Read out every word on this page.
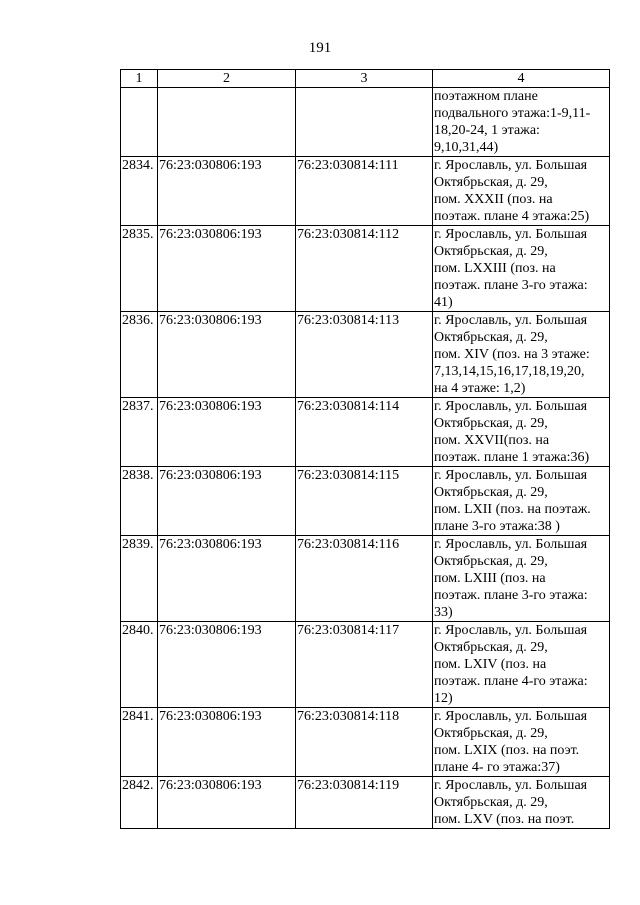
191
1	2	3	4

			поэтажном плане
подвального этажа:1-9,11-
18,20-24, 1 этажа:
9,10,31,44)

2834.	76:23:030806:193	76:23:030814:111	г. Ярославль, ул. Большая
Октябрьская, д. 29,
пом. XXXII (поз. на
поэтаж. плане 4 этажа:25)

2835.	76:23:030806:193	76:23:030814:112	г. Ярославль, ул. Большая
Октябрьская, д. 29,
пом. LXXIII (поз. на
поэтаж. плане 3-го этажа:
41)

2836.	76:23:030806:193	76:23:030814:113	г. Ярославль, ул. Большая
Октябрьская, д. 29,
пом. XIV (поз. на 3 этаже:
7,13,14,15,16,17,18,19,20,
на 4 этаже: 1,2)

2837.	76:23:030806:193	76:23:030814:114	г. Ярославль, ул. Большая
Октябрьская, д. 29,
пом. XXVII(поз. на
поэтаж. плане 1 этажа:36)

2838.	76:23:030806:193	76:23:030814:115	г. Ярославль, ул. Большая
Октябрьская, д. 29,
пом. LXII (поз. на поэтаж.
плане 3-го этажа:38 )

2839.	76:23:030806:193	76:23:030814:116	г. Ярославль, ул. Большая
Октябрьская, д. 29,
пом. LXIII (поз. на
поэтаж. плане 3-го этажа:
33)

2840.	76:23:030806:193	76:23:030814:117	г. Ярославль, ул. Большая
Октябрьская, д. 29,
пом. LXIV (поз. на
поэтаж. плане 4-го этажа:
12)

2841.	76:23:030806:193	76:23:030814:118	г. Ярославль, ул. Большая
Октябрьская, д. 29,
пом. LXIX (поз. на поэт.
плане 4- го этажа:37)

2842.	76:23:030806:193	76:23:030814:119	г. Ярославль, ул. Большая
Октябрьская, д. 29,
пом. LXV (поз. на поэт.
